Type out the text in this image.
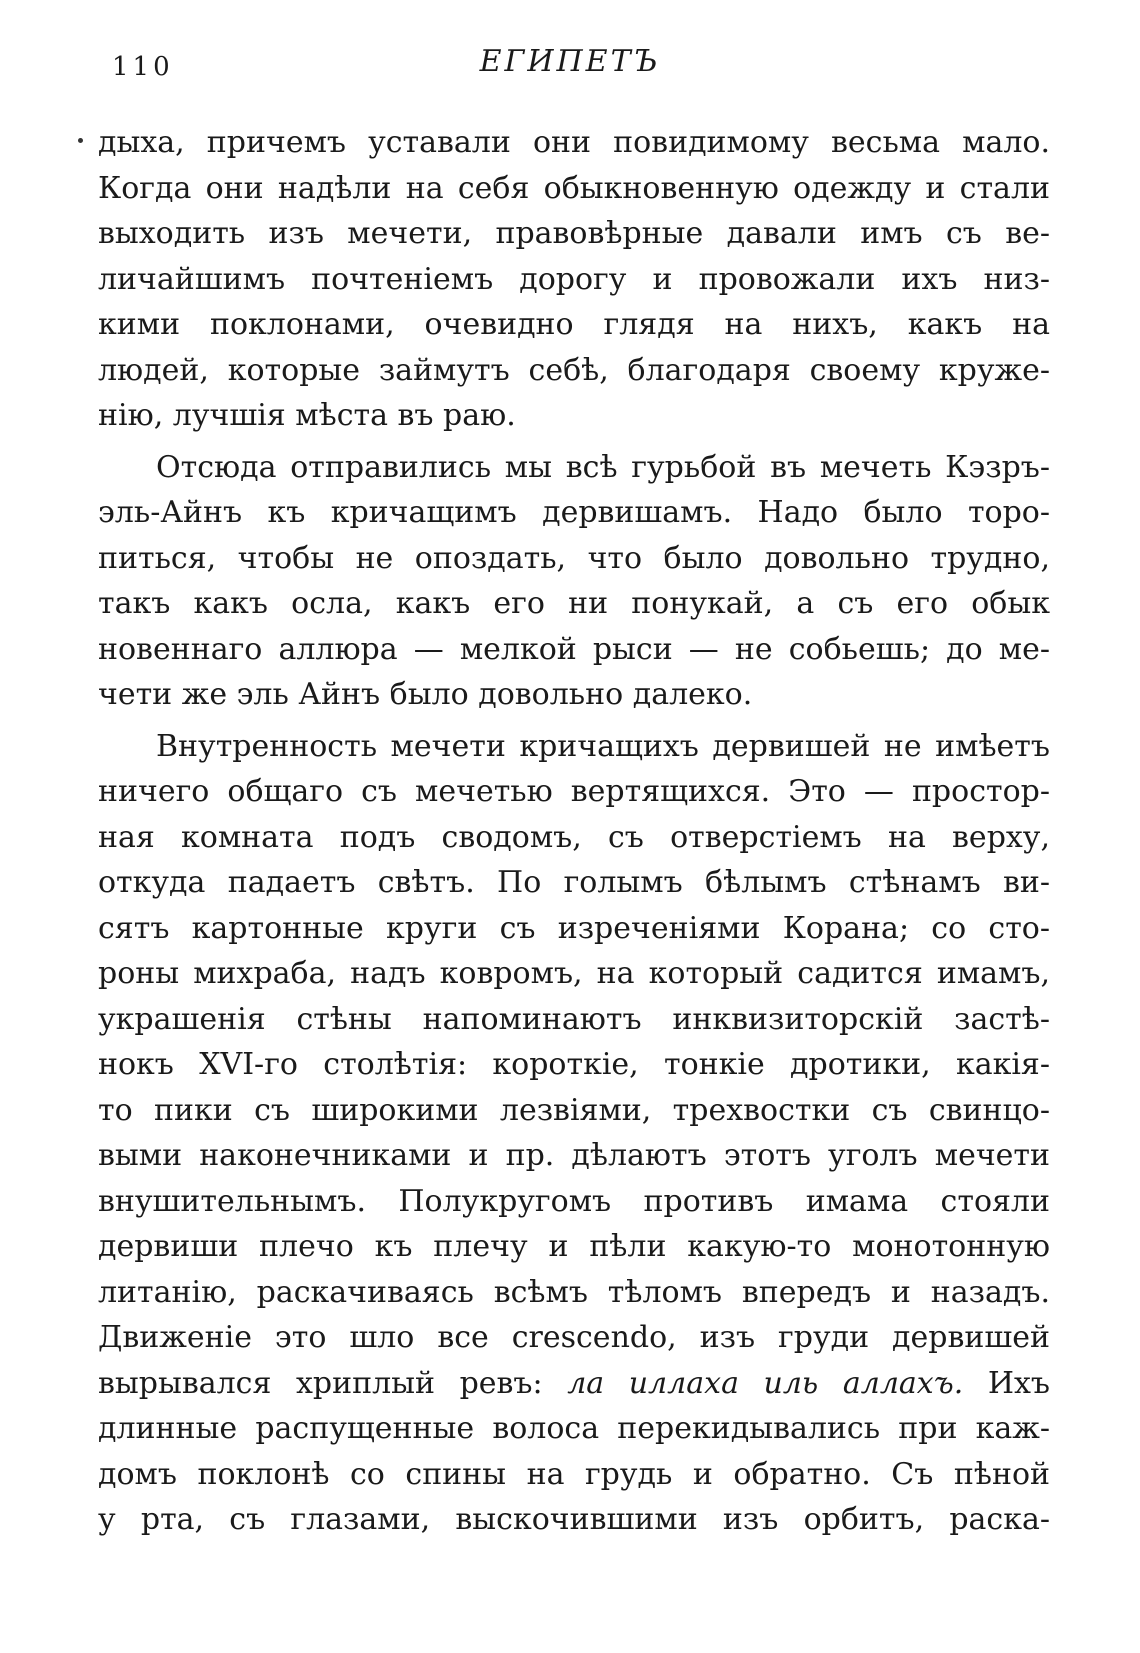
110	ЕГИПЕТЪ
дыха, причемъ уставали они повидимому весьма мало.
Когда они надѣли на себя обыкновенную одежду и стали
выходить изъ мечети, правовѣрные давали имъ съ ве-
личайшимъ почтеніемъ дорогу и провожали ихъ низ-
кими поклонами, очевидно глядя на нихъ, какъ на
людей, которые займутъ себѣ, благодаря своему круже-
нію, лучшія мѣста въ раю.
Отсюда отправились мы всѣ гурьбой въ мечеть Кэзръ-
эль-Айнъ къ кричащимъ дервишамъ. Надо было торо-
питься, чтобы не опоздать, что было довольно трудно,
такъ какъ осла, какъ его ни понукай, а съ его обык
новеннаго аллюра — мелкой рыси — не собьешь; до ме-
чети же эль Айнъ было довольно далеко.
Внутренность мечети кричащихъ дервишей не имѣетъ
ничего общаго съ мечетью вертящихся. Это — простор-
ная комната подъ сводомъ, съ отверстіемъ на верху,
откуда падаетъ свѣтъ. По голымъ бѣлымъ стѣнамъ ви-
сятъ картонные круги съ изреченіями Корана; со сто-
роны михраба, надъ ковромъ, на который садится имамъ,
украшенія стѣны напоминаютъ инквизиторскій застѣ-
нокъ XVI-го столѣтія: короткіе, тонкіе дротики, какія-
то пики съ широкими лезвіями, трехвостки съ свинцо-
выми наконечниками и пр. дѣлаютъ этотъ уголъ мечети
внушительнымъ. Полукругомъ противъ имама стояли
дервиши плечо къ плечу и пѣли какую-то монотонную
литанію, раскачиваясь всѣмъ тѣломъ впередъ и назадъ.
Движеніе это шло все crescendo, изъ груди дервишей
вырывался хриплый ревъ: ла иллаха иль аллахъ. Ихъ
длинные распущенные волоса перекидывались при каж-
домъ поклонѣ со спины на грудь и обратно. Съ пѣной
у рта, съ глазами, выскочившими изъ орбитъ, раска-
